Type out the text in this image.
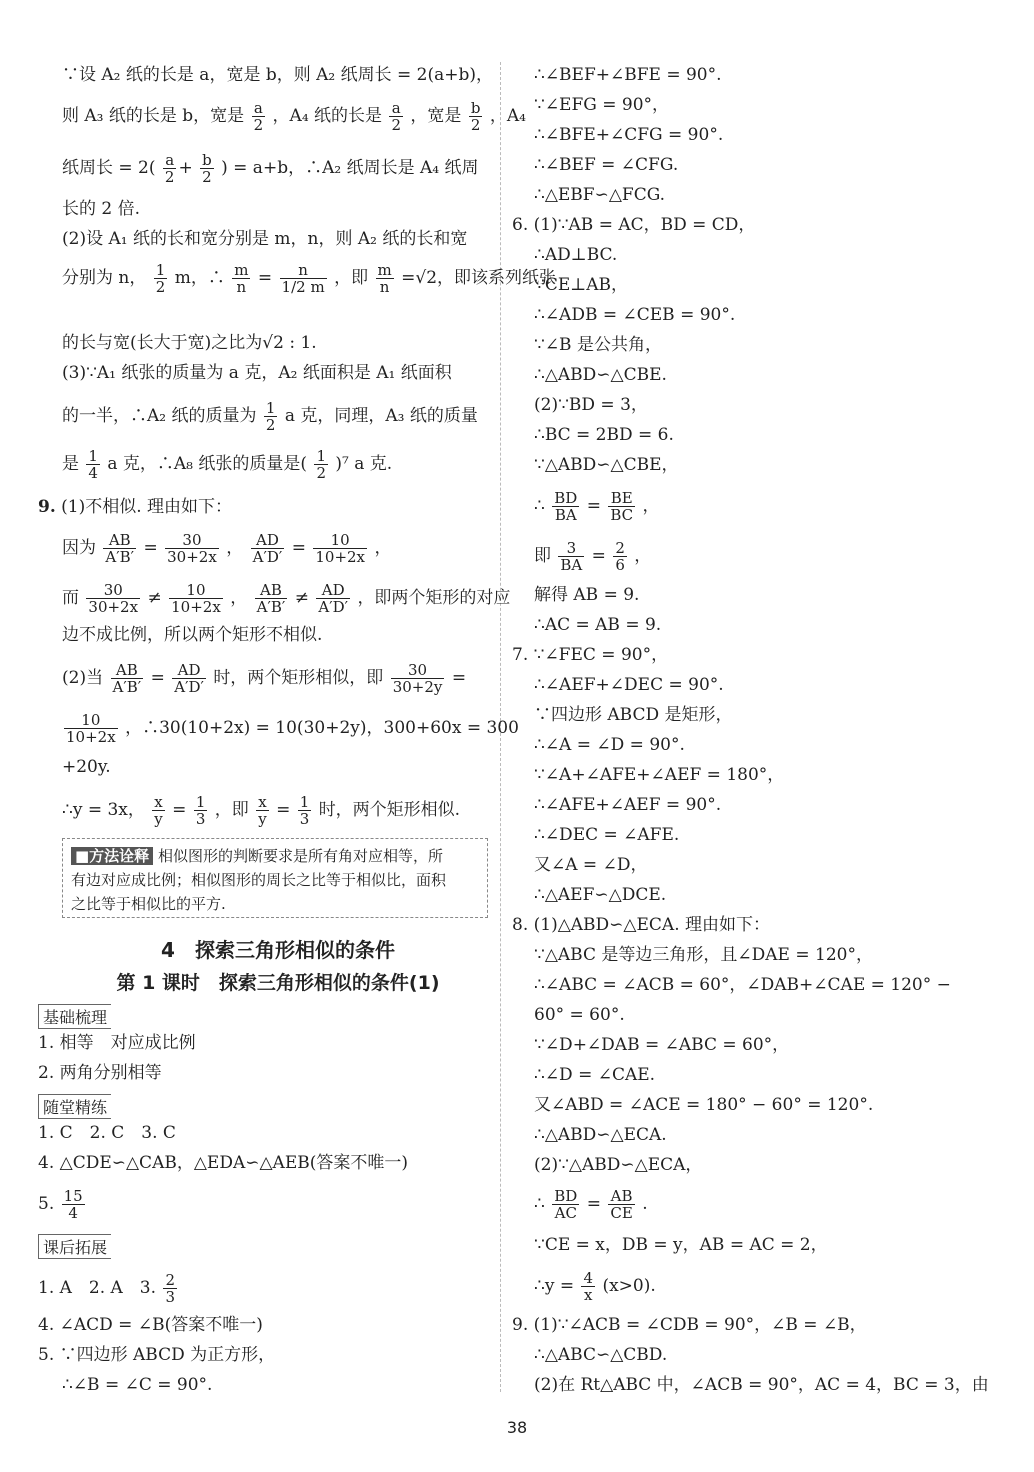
∵设 A₂ 纸的长是 a，宽是 b，则 A₂ 纸周长 = 2(a+b)，
则 A₃ 纸的长是 b，宽是 $\frac{a}{2}$ ，A₄ 纸的长是 $\frac{a}{2}$ ，宽是 $\frac{b}{2}$ ，A₄
纸周长 = $2( \frac{a}{2} + \frac{b}{2}$ ) = a+b，∴A₂ 纸周长是 A₄ 纸周
长的 2 倍.
(2)设 A₁ 纸的长和宽分别是 m，n，则 A₂ 纸的长和宽
分别为 n， $\frac{1}{2}$ m，∴ $\frac{m}{n} = \frac{n}{1/2 m}$ ，即 $\frac{m}{n} =√2$，即该系列纸张
的长与宽(长大于宽)之比为√2 : 1.
(3)∵A₁ 纸张的质量为 a 克，A₂ 纸面积是 A₁ 纸面积
的一半，∴A₂ 纸的质量为 $\frac{1}{2}$ a 克，同理，A₃ 纸的质量
是 $\frac{1}{4}$ a 克，∴A₈ 纸张的质量是( $\frac{1}{2} )^7$ a 克.
9. (1)不相似. 理由如下：
因为 $\frac{AB}{A'B'} = \frac{30}{30+2x}$ ， $\frac{AD}{A'D'} = \frac{10}{10+2x}$ ，
而 $\frac{30}{30+2x} \ne \frac{10}{10+2x}$ ， $\frac{AB}{A'B'} \ne \frac{AD}{A'D'}$ ，即两个矩形的对应
边不成比例，所以两个矩形不相似.
(2)当 $\frac{AB}{A'B'} = \frac{AD}{A'D'}$ 时，两个矩形相似，即 $\frac{30}{30+2y}$ =
$\frac{10}{10+2x}$ ，∴30(10+2x) = 10(30+2y)，300+60x = 300
+20y.
∴y = 3x， $\frac{x}{y} = \frac{1}{3}$ ，即 $\frac{x}{y} = \frac{1}{3}$ 时，两个矩形相似.
■方法诠释 相似图形的判断要求是所有角对应相等，所
有边对应成比例；相似图形的周长之比等于相似比，面积
之比等于相似比的平方.
4　探索三角形相似的条件
第 1 课时　探索三角形相似的条件(1)
基础梳理
1. 相等　对应成比例
2. 两角分别相等
随堂精练
1. C　2. C　3. C
4. △CDE∽△CAB，△EDA∽△AEB(答案不唯一)
5. $\frac{15}{4}$
课后拓展
1. A　2. A　3. $\frac{2}{3}$
4. ∠ACD = ∠B(答案不唯一)
5. ∵四边形 ABCD 为正方形，
∴∠B = ∠C = 90°.
∴∠BEF+∠BFE = 90°.
∵∠EFG = 90°，
∴∠BFE+∠CFG = 90°.
∴∠BEF = ∠CFG.
∴△EBF∽△FCG.
6. (1)∵AB = AC，BD = CD，
∴AD⊥BC.
∵CE⊥AB，
∴∠ADB = ∠CEB = 90°.
∵∠B 是公共角，
∴△ABD∽△CBE.
(2)∵BD = 3，
∴BC = 2BD = 6.
∵△ABD∽△CBE，
∴ $\frac{BD}{BA} = \frac{BE}{BC}$ ，
即 $\frac{3}{BA} = \frac{2}{6}$ ，
解得 AB = 9.
∴AC = AB = 9.
7. ∵∠FEC = 90°，
∴∠AEF+∠DEC = 90°.
∵四边形 ABCD 是矩形，
∴∠A = ∠D = 90°.
∵∠A+∠AFE+∠AEF = 180°，
∴∠AFE+∠AEF = 90°.
∴∠DEC = ∠AFE.
又∠A = ∠D，
∴△AEF∽△DCE.
8. (1)△ABD∽△ECA. 理由如下：
∵△ABC 是等边三角形，且∠DAE = 120°，
∴∠ABC = ∠ACB = 60°，∠DAB+∠CAE = 120° −
60° = 60°.
∵∠D+∠DAB = ∠ABC = 60°，
∴∠D = ∠CAE.
又∠ABD = ∠ACE = 180° − 60° = 120°.
∴△ABD∽△ECA.
(2)∵△ABD∽△ECA，
∴ $\frac{BD}{AC} = \frac{AB}{CE}$ .
∵CE = x，DB = y，AB = AC = 2，
∴y = $\frac{4}{x} (x>0)$.
9. (1)∵∠ACB = ∠CDB = 90°，∠B = ∠B，
∴△ABC∽△CBD.
(2)在 Rt△ABC 中，∠ACB = 90°，AC = 4，BC = 3，由
38
